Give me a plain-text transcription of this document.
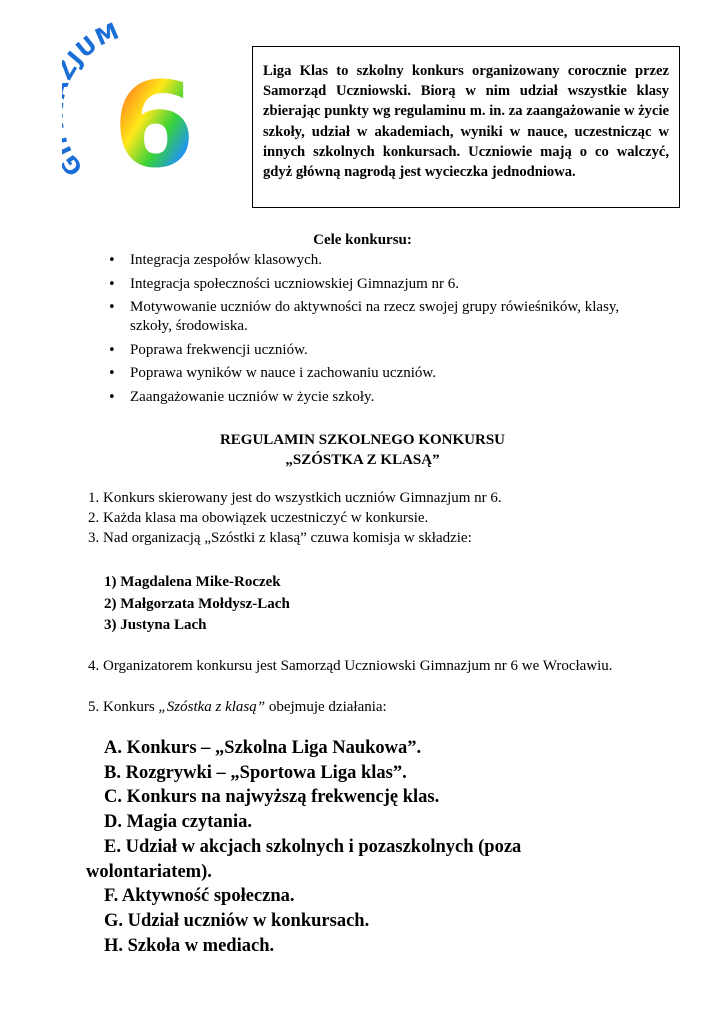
JUM
6	Liga Klas to szkolny konkurs organizowany corocznie przez Samorząd Uczniowski. Biorą w nim udział wszystkie klasy zbierając punkty wg regulaminu m. in. za zaangażowanie w życie szkoły, udział w akademiach, wyniki w nauce, uczestnicząc w innych szkolnych konkursach. Uczniowie mają o co walczyć, gdyż główną nagrodą jest wycieczka jednodniowa.
Cele konkursu:
• Integracja zespołów klasowych.
• Integracja społeczności uczniowskiej Gimnazjum nr 6.
• Motywowanie uczniów do aktywności na rzecz swojej grupy rówieśników, klasy, szkoły, środowiska.
• Poprawa frekwencji uczniów.
• Poprawa wyników w nauce i zachowaniu uczniów.
• Zaangażowanie uczniów w życie szkoły.
REGULAMIN SZKOLNEGO KONKURSU
„SZÓSTKA Z KLASĄ”
1. Konkurs skierowany jest do wszystkich uczniów Gimnazjum nr 6.
2. Każda klasa ma obowiązek uczestniczyć w konkursie.
3. Nad organizacją „Szóstki z klasą” czuwa komisja w składzie:
1) Magdalena Mike-Roczek
2) Małgorzata Mołdysz-Lach
3) Justyna Lach
4. Organizatorem konkursu jest Samorząd Uczniowski Gimnazjum nr 6 we Wrocławiu.
5. Konkurs „Szóstka z klasą” obejmuje działania:
A. Konkurs – „Szkolna Liga Naukowa”.
B. Rozgrywki – „Sportowa Liga klas”.
C. Konkurs na najwyższą frekwencję klas.
D. Magia czytania.
E. Udział w akcjach szkolnych i pozaszkolnych (poza wolontariatem).
F. Aktywność społeczna.
G. Udział uczniów w konkursach.
H. Szkoła w mediach.
